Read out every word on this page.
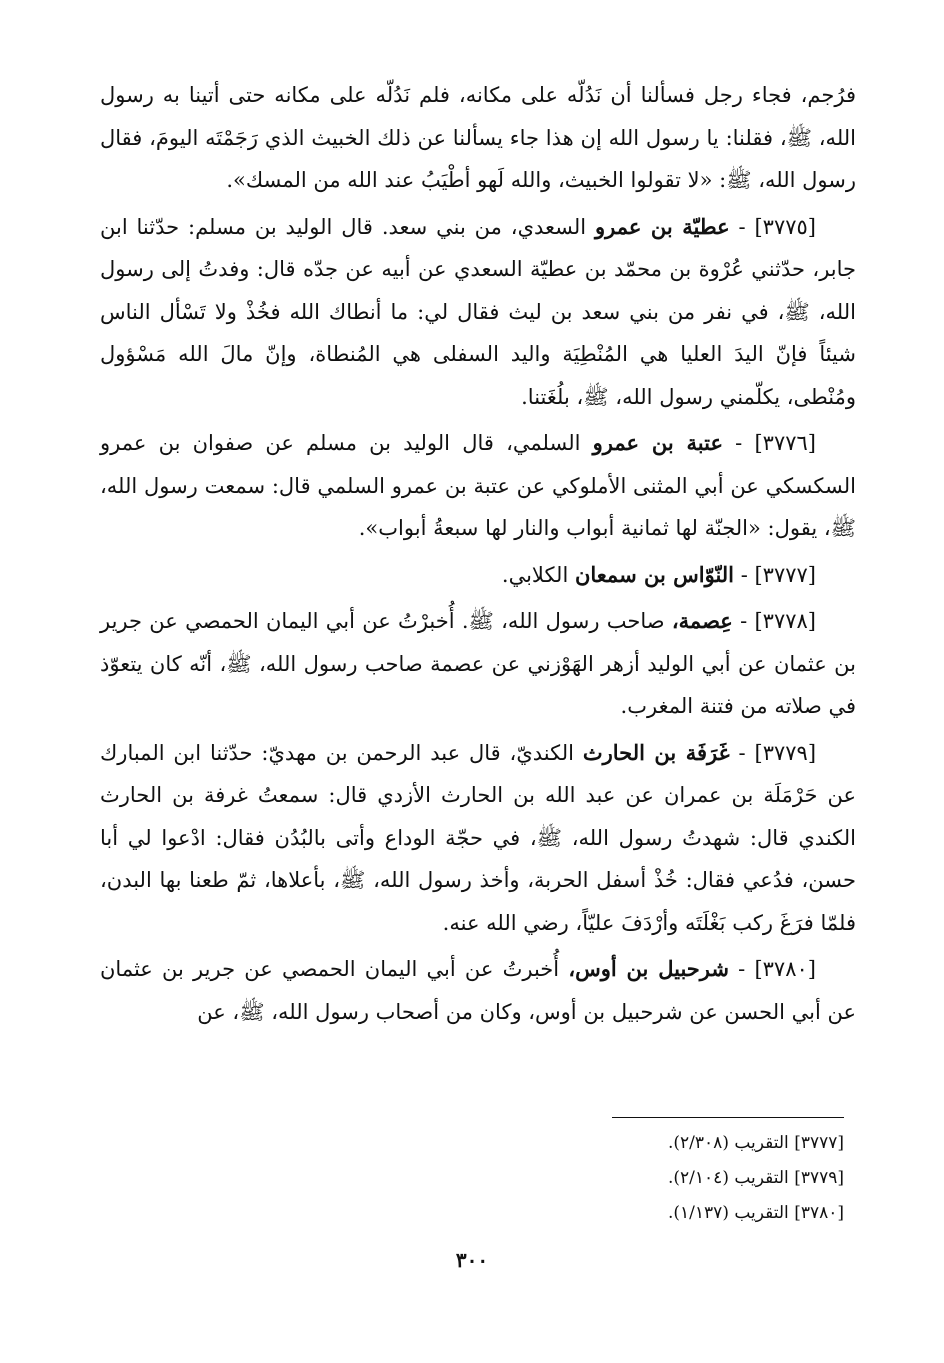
فرُجم، فجاء رجل فسألنا أن نَدُلّه على مكانه، فلم نَدُلّه على مكانه حتى أتينا به رسول الله، ﷺ، فقلنا: يا رسول الله إن هذا جاء يسألنا عن ذلك الخبيث الذي رَجَمْتَه اليومَ، فقال رسول الله، ﷺ: «لا تقولوا الخبيث، والله لَهو أطْيَبُ عند الله من المسك».

[٣٧٧٥] - عطيّة بن عمرو السعدي، من بني سعد. قال الوليد بن مسلم: حدّثنا ابن جابر، حدّثني عُرْوة بن محمّد بن عطيّة السعدي عن أبيه عن جدّه قال: وفدتُ إلى رسول الله، ﷺ، في نفر من بني سعد بن ليث فقال لي: ما أنطاك الله فخُذْ ولا تَسْأل الناس شيئاً فإنّ اليدَ العليا هي المُنْطِيَة واليد السفلى هي المُنطاة، وإنّ مالَ الله مَسْؤول ومُنْطى، يكلّمني رسول الله، ﷺ، بلُغَتنا.

[٣٧٧٦] - عتبة بن عمرو السلمي، قال الوليد بن مسلم عن صفوان بن عمرو السكسكي عن أبي المثنى الأملوكي عن عتبة بن عمرو السلمي قال: سمعت رسول الله، ﷺ، يقول: «الجنّة لها ثمانية أبواب والنار لها سبعةُ أبواب».

[٣٧٧٧] - النّوّاس بن سمعان الكلابي.

[٣٧٧٨] - عِصمة، صاحب رسول الله، ﷺ. أُخبرْتُ عن أبي اليمان الحمصي عن جرير بن عثمان عن أبي الوليد أزهر الهَوْزني عن عصمة صاحب رسول الله، ﷺ، أنّه كان يتعوّذ في صلاته من فتنة المغرب.

[٣٧٧٩] - غَرَفَة بن الحارث الكنديّ، قال عبد الرحمن بن مهديّ: حدّثنا ابن المبارك عن حَرْمَلَة بن عمران عن عبد الله بن الحارث الأزدي قال: سمعتُ غرفة بن الحارث الكندي قال: شهدتُ رسول الله، ﷺ، في حجّة الوداع وأتى بالبُدُن فقال: ادْعوا لي أبا حسن، فدُعي فقال: خُذْ أسفل الحربة، وأخذ رسول الله، ﷺ، بأعلاها، ثمّ طعنا بها البدن، فلمّا فرَغَ ركب بَغْلَتَه وأرْدَفَ عليّاً، رضي الله عنه.

[٣٧٨٠] - شرحبيل بن أوس، أُخبرتُ عن أبي اليمان الحمصي عن جرير بن عثمان عن أبي الحسن عن شرحبيل بن أوس، وكان من أصحاب رسول الله، ﷺ، عن

[٣٧٧٧] التقريب (٢/٣٠٨).
[٣٧٧٩] التقريب (٢/١٠٤).
[٣٧٨٠] التقريب (١/١٣٧).
٣٠٠
